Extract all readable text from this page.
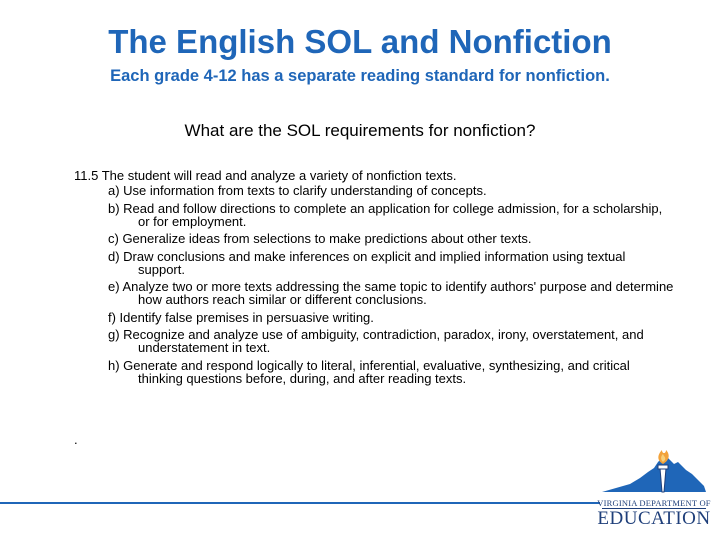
The English SOL and Nonfiction
Each grade 4-12 has a separate reading standard for nonfiction.
What are the SOL requirements for nonfiction?
11.5 The student will read and analyze a variety of nonfiction texts.
a) Use information from texts to clarify understanding of concepts.
b) Read and follow directions to complete an application for college admission, for a scholarship, or for employment.
c) Generalize ideas from selections to make predictions about other texts.
d) Draw conclusions and make inferences on explicit and implied information using textual support.
e) Analyze two or more texts addressing the same topic to identify authors' purpose and determine how authors reach similar or different conclusions.
f) Identify false premises in persuasive writing.
g) Recognize and analyze use of ambiguity, contradiction, paradox, irony, overstatement, and understatement in text.
h) Generate and respond logically to literal, inferential, evaluative, synthesizing, and critical thinking questions before, during, and after reading texts.
.
VIRGINIA DEPARTMENT OF
EDUCATION
